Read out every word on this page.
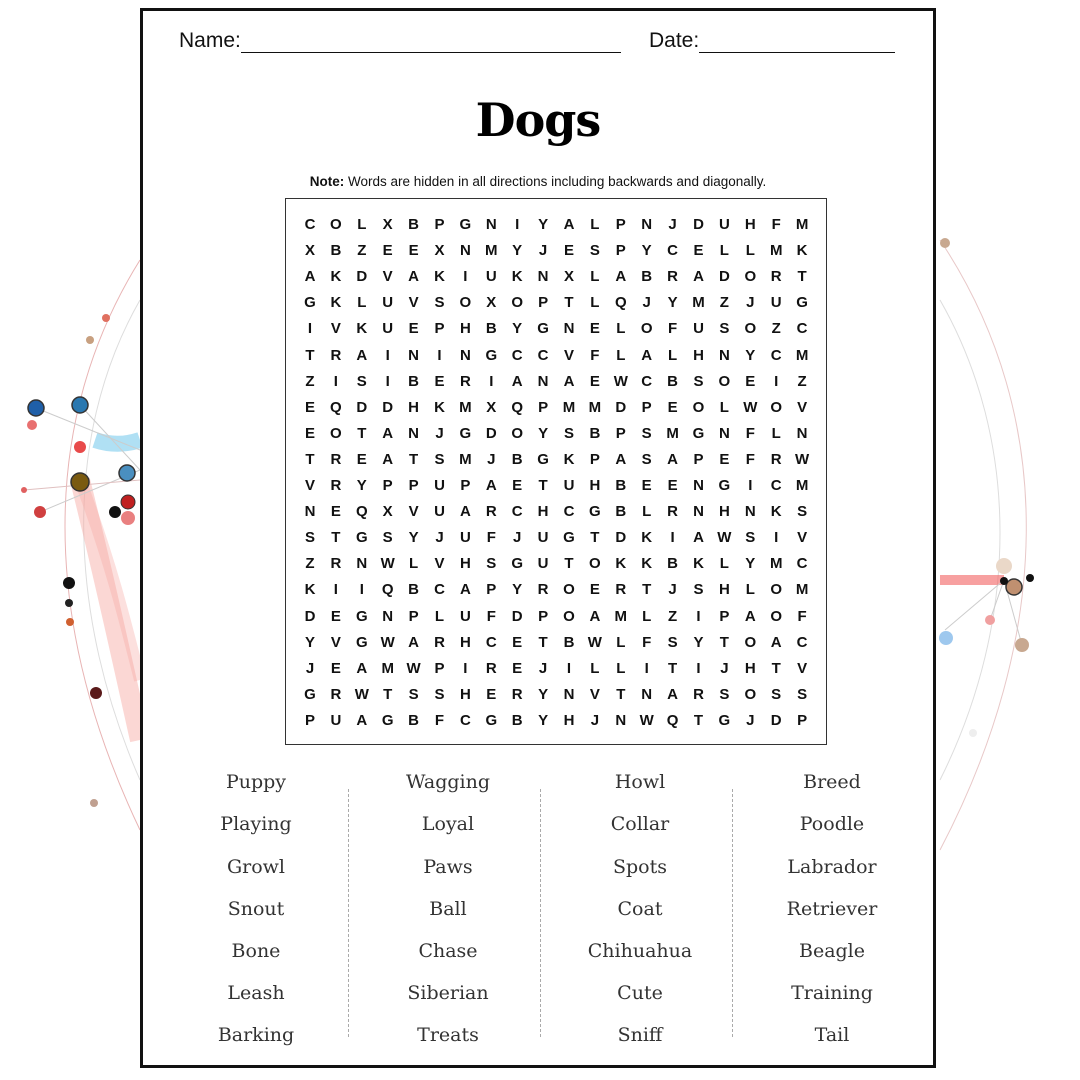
Name:	Date:
Dogs
Note: Words are hidden in all directions including backwards and diagonally.
C O	L	X	B	P	G N	I	Y	A	L	P	N	J	D	U	H	F	M
X	B	Z	E	E	X	N M Y	J	E	S	P	Y	C	E	L	L	M K
A	K	D	V	A	K	I	U	K	N	X	L	A	B	R	A	D O R	T
G K	L	U	V	S	O	X	O	P	T	L	Q	J	Y M	Z	J	U G
I	V	K	U	E	P	H	B	Y	G N	E	L	O	F	U	S	O	Z	C
T	R	A	I	N	I	N G C	C	V	F	L	A	L	H	N	Y	C M
Z	I	S	I	B	E	R	I	A	N	A	E W C	B	S	O	E	I	Z
E	Q D	D	H	K M X	Q	P M M D	P	E	O	L W O	V
E	O	T	A	N	J	G D O	Y	S	B	P	S M G N	F	L	N
T	R	E	A	T	S M	J	B G K	P	A	S	A	P	E	F	R W
V	R	Y	P	P	U	P	A	E	T	U	H	B	E	E	N G	I	C M
N	E	Q	X	V	U	A	R	C	H	C G B	L	R	N	H	N	K	S
S	T	G	S	Y	J	U	F	J	U G	T	D	K	I	A W S	I	V
Z	R	N W L	V	H	S	G U	T	O K	K	B	K	L	Y M C
K	I	I	Q B	C	A	P	Y	R O	E	R	T	J	S	H	L	O M
D	E	G N	P	L	U	F	D	P	O A M	L	Z	I	P	A O	F
Y	V	G W A	R	H	C	E	T	B W L	F	S	Y	T	O A	C
J	E	A M W P	I	R	E	J	I	L	L	I	T	I	J	H	T	V
G R W T	S	S	H	E	R	Y	N	V	T	N	A	R	S	O	S	S
P	U	A G B	F	C G B	Y	H	J	N W Q	T	G	J	D	P
Puppy
Playing
Growl
Snout
Bone
Leash
Barking
Wagging
Loyal
Paws
Ball
Chase
Siberian
Treats
Howl
Collar
Spots
Coat
Chihuahua
Cute
Sniff
Breed
Poodle
Labrador
Retriever
Beagle
Training
Tail
